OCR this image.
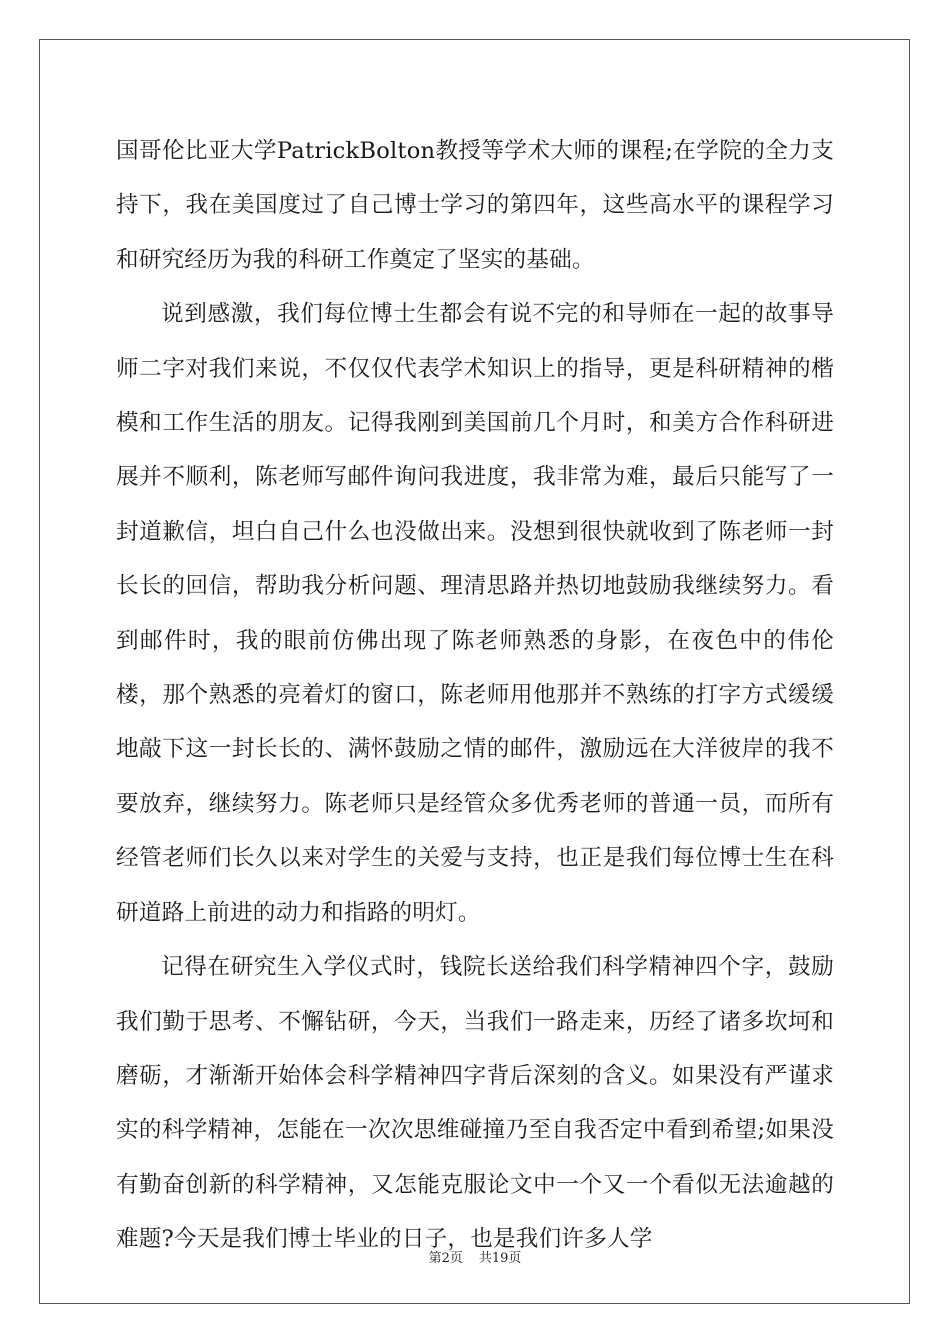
国哥伦比亚大学PatrickBolton教授等学术大师的课程;在学院的全力支持下，我在美国度过了自己博士学习的第四年，这些高水平的课程学习和研究经历为我的科研工作奠定了坚实的基础。

说到感激，我们每位博士生都会有说不完的和导师在一起的故事导师二字对我们来说，不仅仅代表学术知识上的指导，更是科研精神的楷模和工作生活的朋友。记得我刚到美国前几个月时，和美方合作科研进展并不顺利，陈老师写邮件询问我进度，我非常为难，最后只能写了一封道歉信，坦白自己什么也没做出来。没想到很快就收到了陈老师一封长长的回信，帮助我分析问题、理清思路并热切地鼓励我继续努力。看到邮件时，我的眼前仿佛出现了陈老师熟悉的身影，在夜色中的伟伦楼，那个熟悉的亮着灯的窗口，陈老师用他那并不熟练的打字方式缓缓地敲下这一封长长的、满怀鼓励之情的邮件，激励远在大洋彼岸的我不要放弃，继续努力。陈老师只是经管众多优秀老师的普通一员，而所有经管老师们长久以来对学生的关爱与支持，也正是我们每位博士生在科研道路上前进的动力和指路的明灯。

记得在研究生入学仪式时，钱院长送给我们科学精神四个字，鼓励我们勤于思考、不懈钻研，今天，当我们一路走来，历经了诸多坎坷和磨砺，才渐渐开始体会科学精神四字背后深刻的含义。如果没有严谨求实的科学精神，怎能在一次次思维碰撞乃至自我否定中看到希望;如果没有勤奋创新的科学精神，又怎能克服论文中一个又一个看似无法逾越的难题?今天是我们博士毕业的日子，也是我们许多人学

第2页 共19页
